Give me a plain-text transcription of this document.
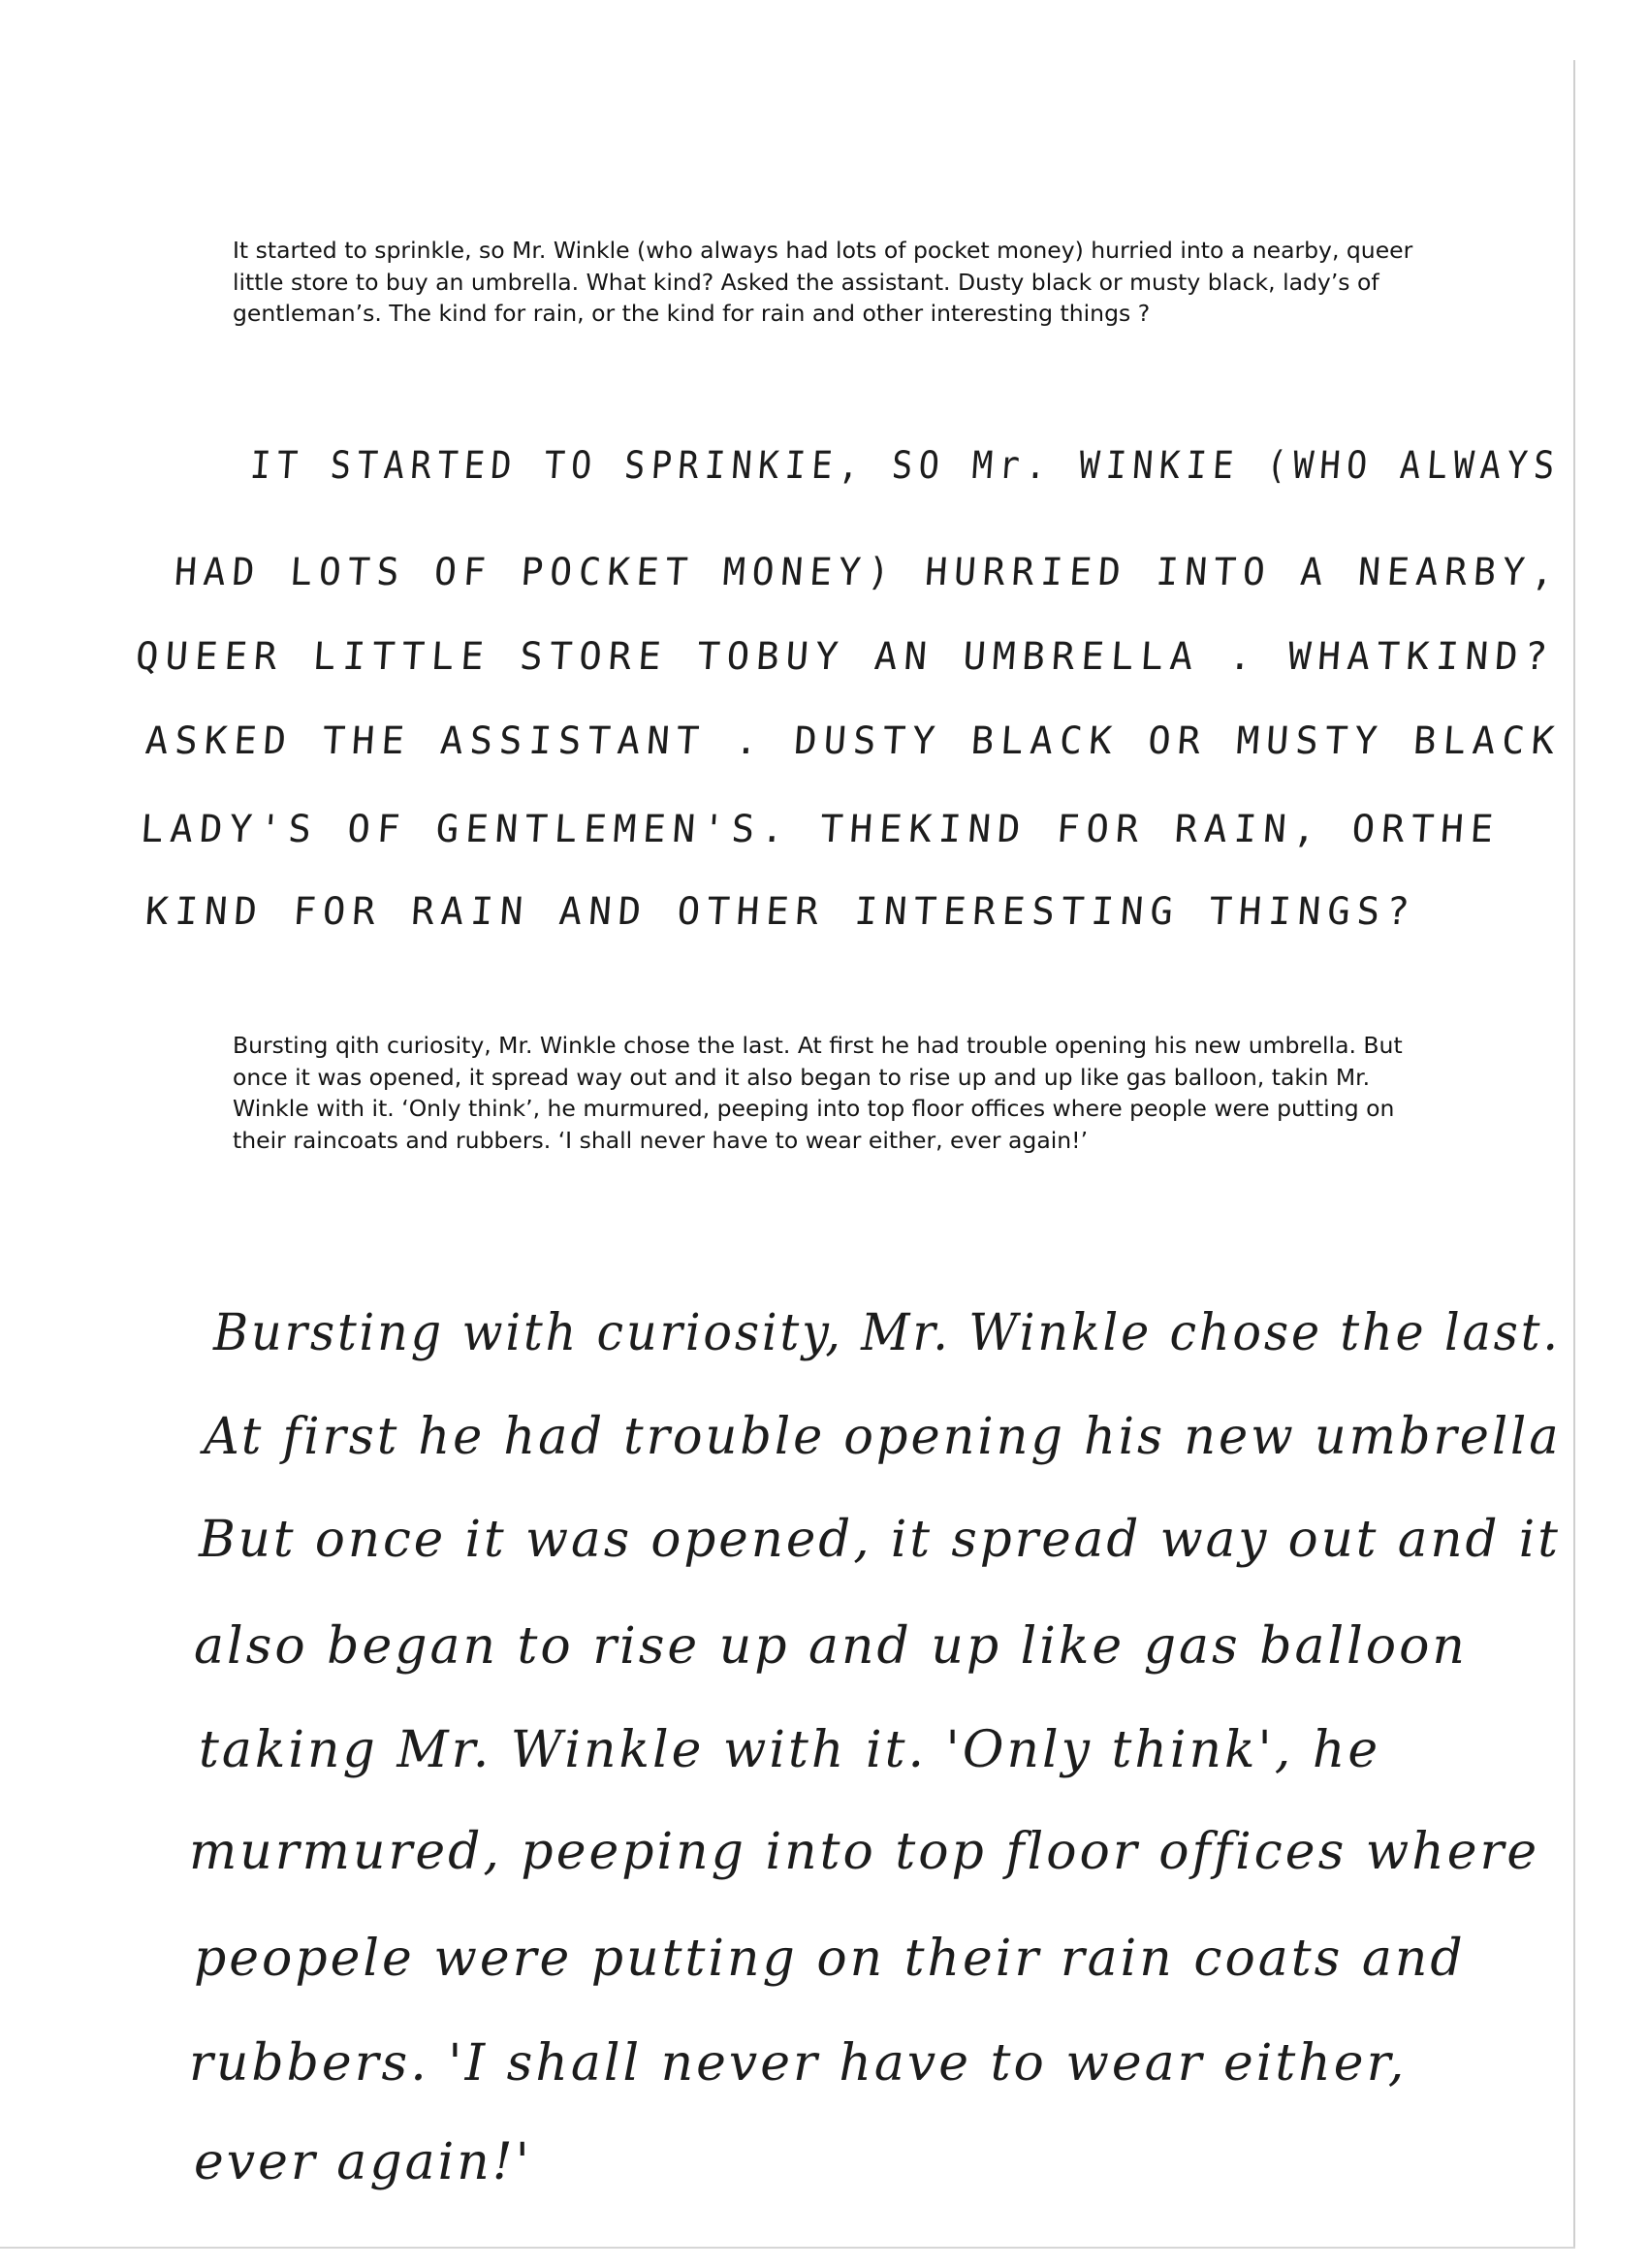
It started to sprinkle, so Mr. Winkle (who always had lots of pocket money) hurried into a nearby, queer little store to buy an umbrella. What kind? Asked the assistant. Dusty black or musty black, lady’s of gentleman’s. The kind for rain, or the kind for rain and other interesting things ?

IT STARTED TO SPRINKIE, SO Mr. WINKIE (WHO ALWAYS
HAD LOTS OF POCKET MONEY) HURRIED INTO A NEARBY,
QUEER LITTLE STORE TOBUY AN UMBRELLA . WHATKIND?
ASKED THE ASSISTANT . DUSTY BLACK OR MUSTY BLACK
LADY'S OF GENTLEMEN'S. THEKIND FOR RAIN, ORTHE
KIND FOR RAIN AND OTHER INTERESTING THINGS?

Bursting qith curiosity, Mr. Winkle chose the last. At first he had trouble opening his new umbrella. But once it was opened, it spread way out and it also began to rise up and up like gas balloon, takin Mr. Winkle with it. ‘Only think’, he murmured, peeping into top floor offices where people were putting on their raincoats and rubbers. ‘I shall never have to wear either, ever again!’

Bursting with curiosity, Mr. Winkle chose the last.
At first he had trouble opening his new umbrella
But once it was opened, it spread way out and it
also began to rise up and up like gas balloon
taking Mr. Winkle with it. 'Only think', he
murmured, peeping into top floor offices where
peopele were putting on their rain coats and
rubbers. 'I shall never have to wear either,
ever again!'
